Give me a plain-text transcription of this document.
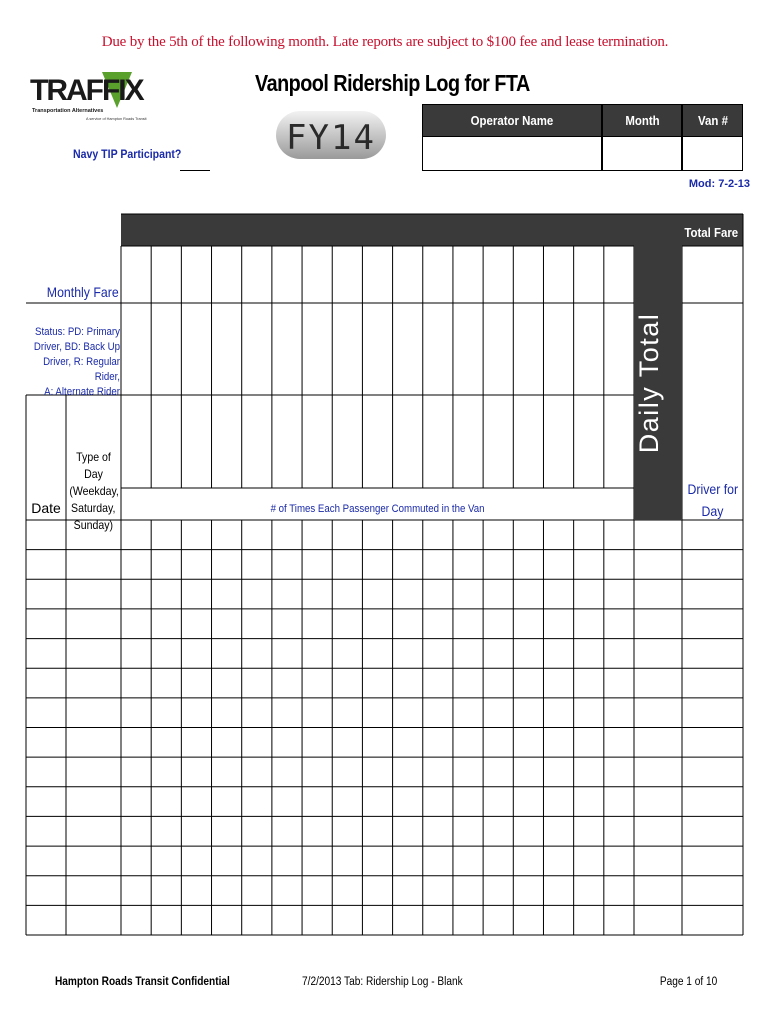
Due by the 5th of the following month. Late reports are subject to $100 fee and lease termination.
TRAFFIX
Transportation Alternatives
A service of Hampton Roads Transit
Vanpool Ridership Log for FTA
FY14
Navy TIP Participant?
Operator Name	Month	Van #
Mod: 7-2-13
Total Fare
Daily Total
Monthly Fare
Status: PD: Primary
Driver, BD: Back Up
Driver, R: Regular Rider,
A: Alternate Rider
Date
Type of Day (Weekday, Saturday, Sunday)
# of Times Each Passenger Commuted in the Van
Driver for Day
Hampton Roads Transit Confidential	7/2/2013 Tab: Ridership Log - Blank	Page 1 of 10
